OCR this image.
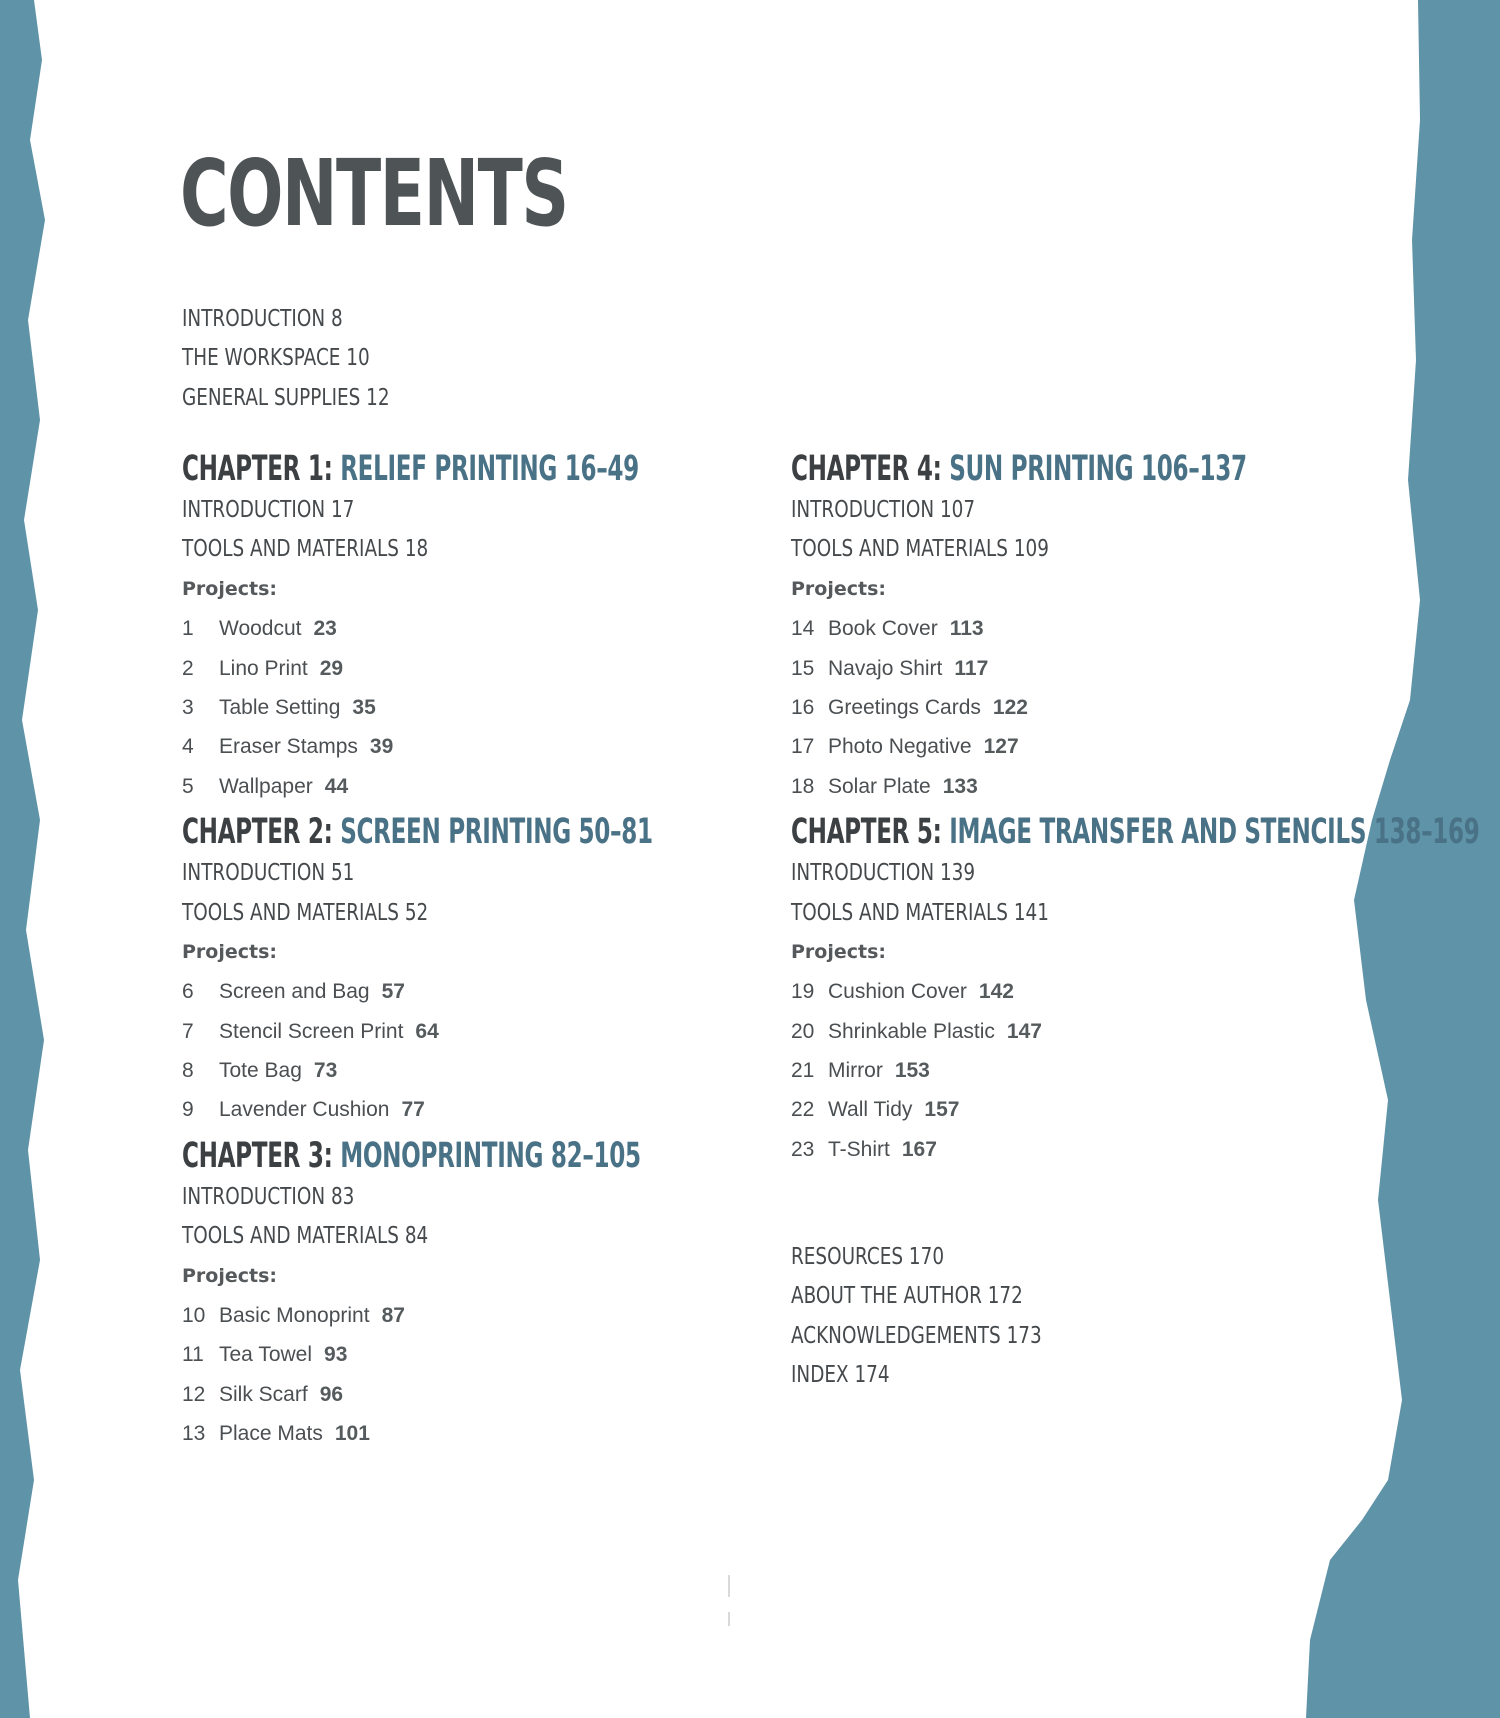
CONTENTS
INTRODUCTION 8
THE WORKSPACE 10
GENERAL SUPPLIES 12
CHAPTER 1: RELIEF PRINTING 16–49
INTRODUCTION 17
TOOLS AND MATERIALS 18
Projects:
1 Woodcut 23
2 Lino Print 29
3 Table Setting 35
4 Eraser Stamps 39
5 Wallpaper 44
CHAPTER 2: SCREEN PRINTING 50–81
INTRODUCTION 51
TOOLS AND MATERIALS 52
Projects:
6 Screen and Bag 57
7 Stencil Screen Print 64
8 Tote Bag 73
9 Lavender Cushion 77
CHAPTER 3: MONOPRINTING 82–105
INTRODUCTION 83
TOOLS AND MATERIALS 84
Projects:
10 Basic Monoprint 87
11 Tea Towel 93
12 Silk Scarf 96
13 Place Mats 101
CHAPTER 4: SUN PRINTING 106–137
INTRODUCTION 107
TOOLS AND MATERIALS 109
Projects:
14 Book Cover 113
15 Navajo Shirt 117
16 Greetings Cards 122
17 Photo Negative 127
18 Solar Plate 133
CHAPTER 5: IMAGE TRANSFER AND STENCILS 138–169
INTRODUCTION 139
TOOLS AND MATERIALS 141
Projects:
19 Cushion Cover 142
20 Shrinkable Plastic 147
21 Mirror 153
22 Wall Tidy 157
23 T-Shirt 167
RESOURCES 170
ABOUT THE AUTHOR 172
ACKNOWLEDGEMENTS 173
INDEX 174
